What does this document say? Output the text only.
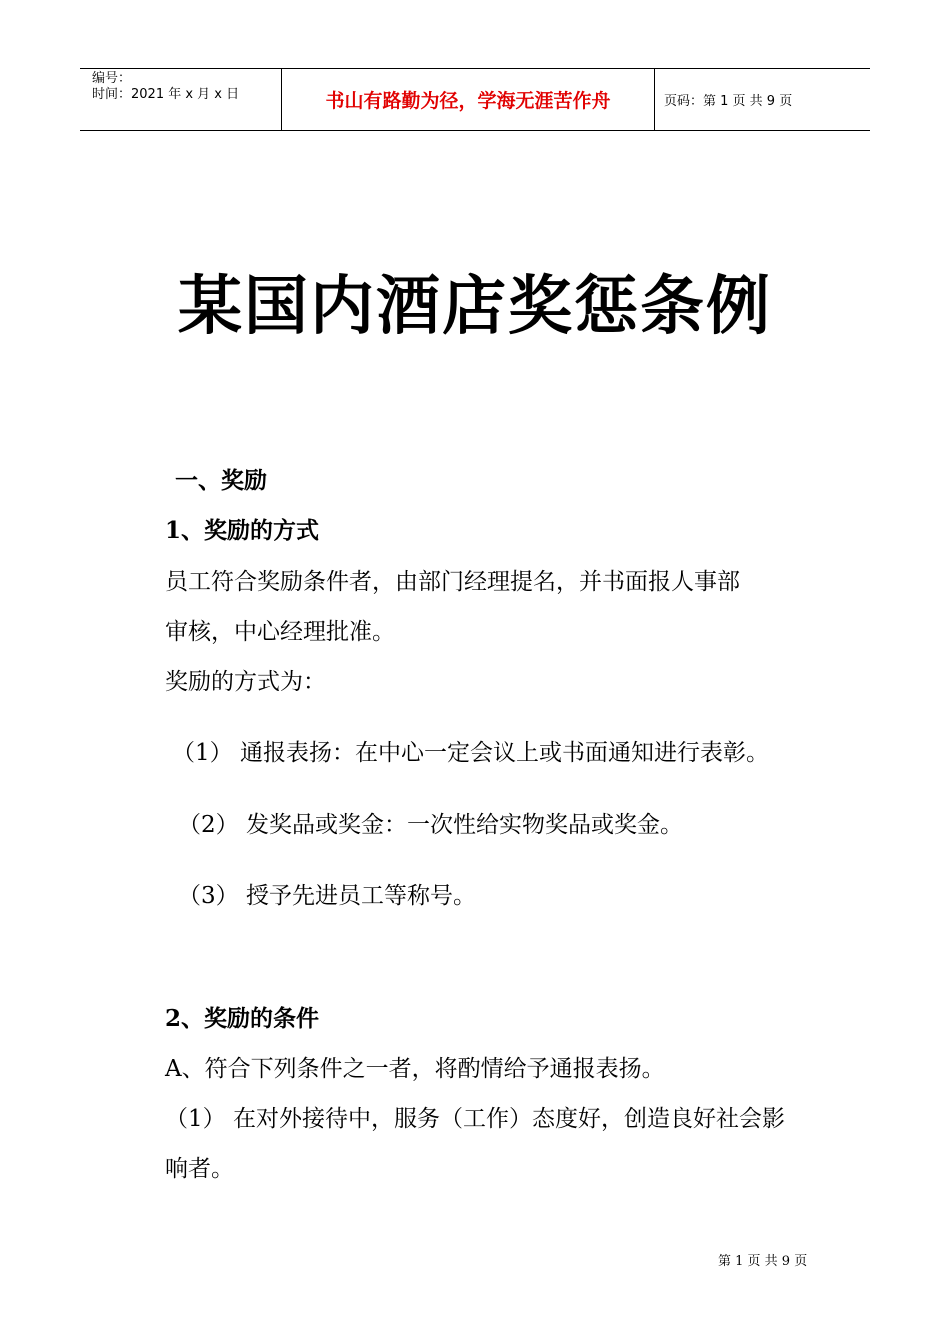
编号：
时间：2021 年 x 月 x 日	书山有路勤为径，学海无涯苦作舟	页码：第 1 页 共 9 页
某国内酒店奖惩条例
一、奖励
1、奖励的方式
员工符合奖励条件者，由部门经理提名，并书面报人事部
审核，中心经理批准。
奖励的方式为：
（1） 通报表扬：在中心一定会议上或书面通知进行表彰。
（2） 发奖品或奖金：一次性给实物奖品或奖金。
（3） 授予先进员工等称号。
2、奖励的条件
A、符合下列条件之一者，将酌情给予通报表扬。
（1） 在对外接待中，服务（工作）态度好，创造良好社会影
响者。
第 1 页 共 9 页
